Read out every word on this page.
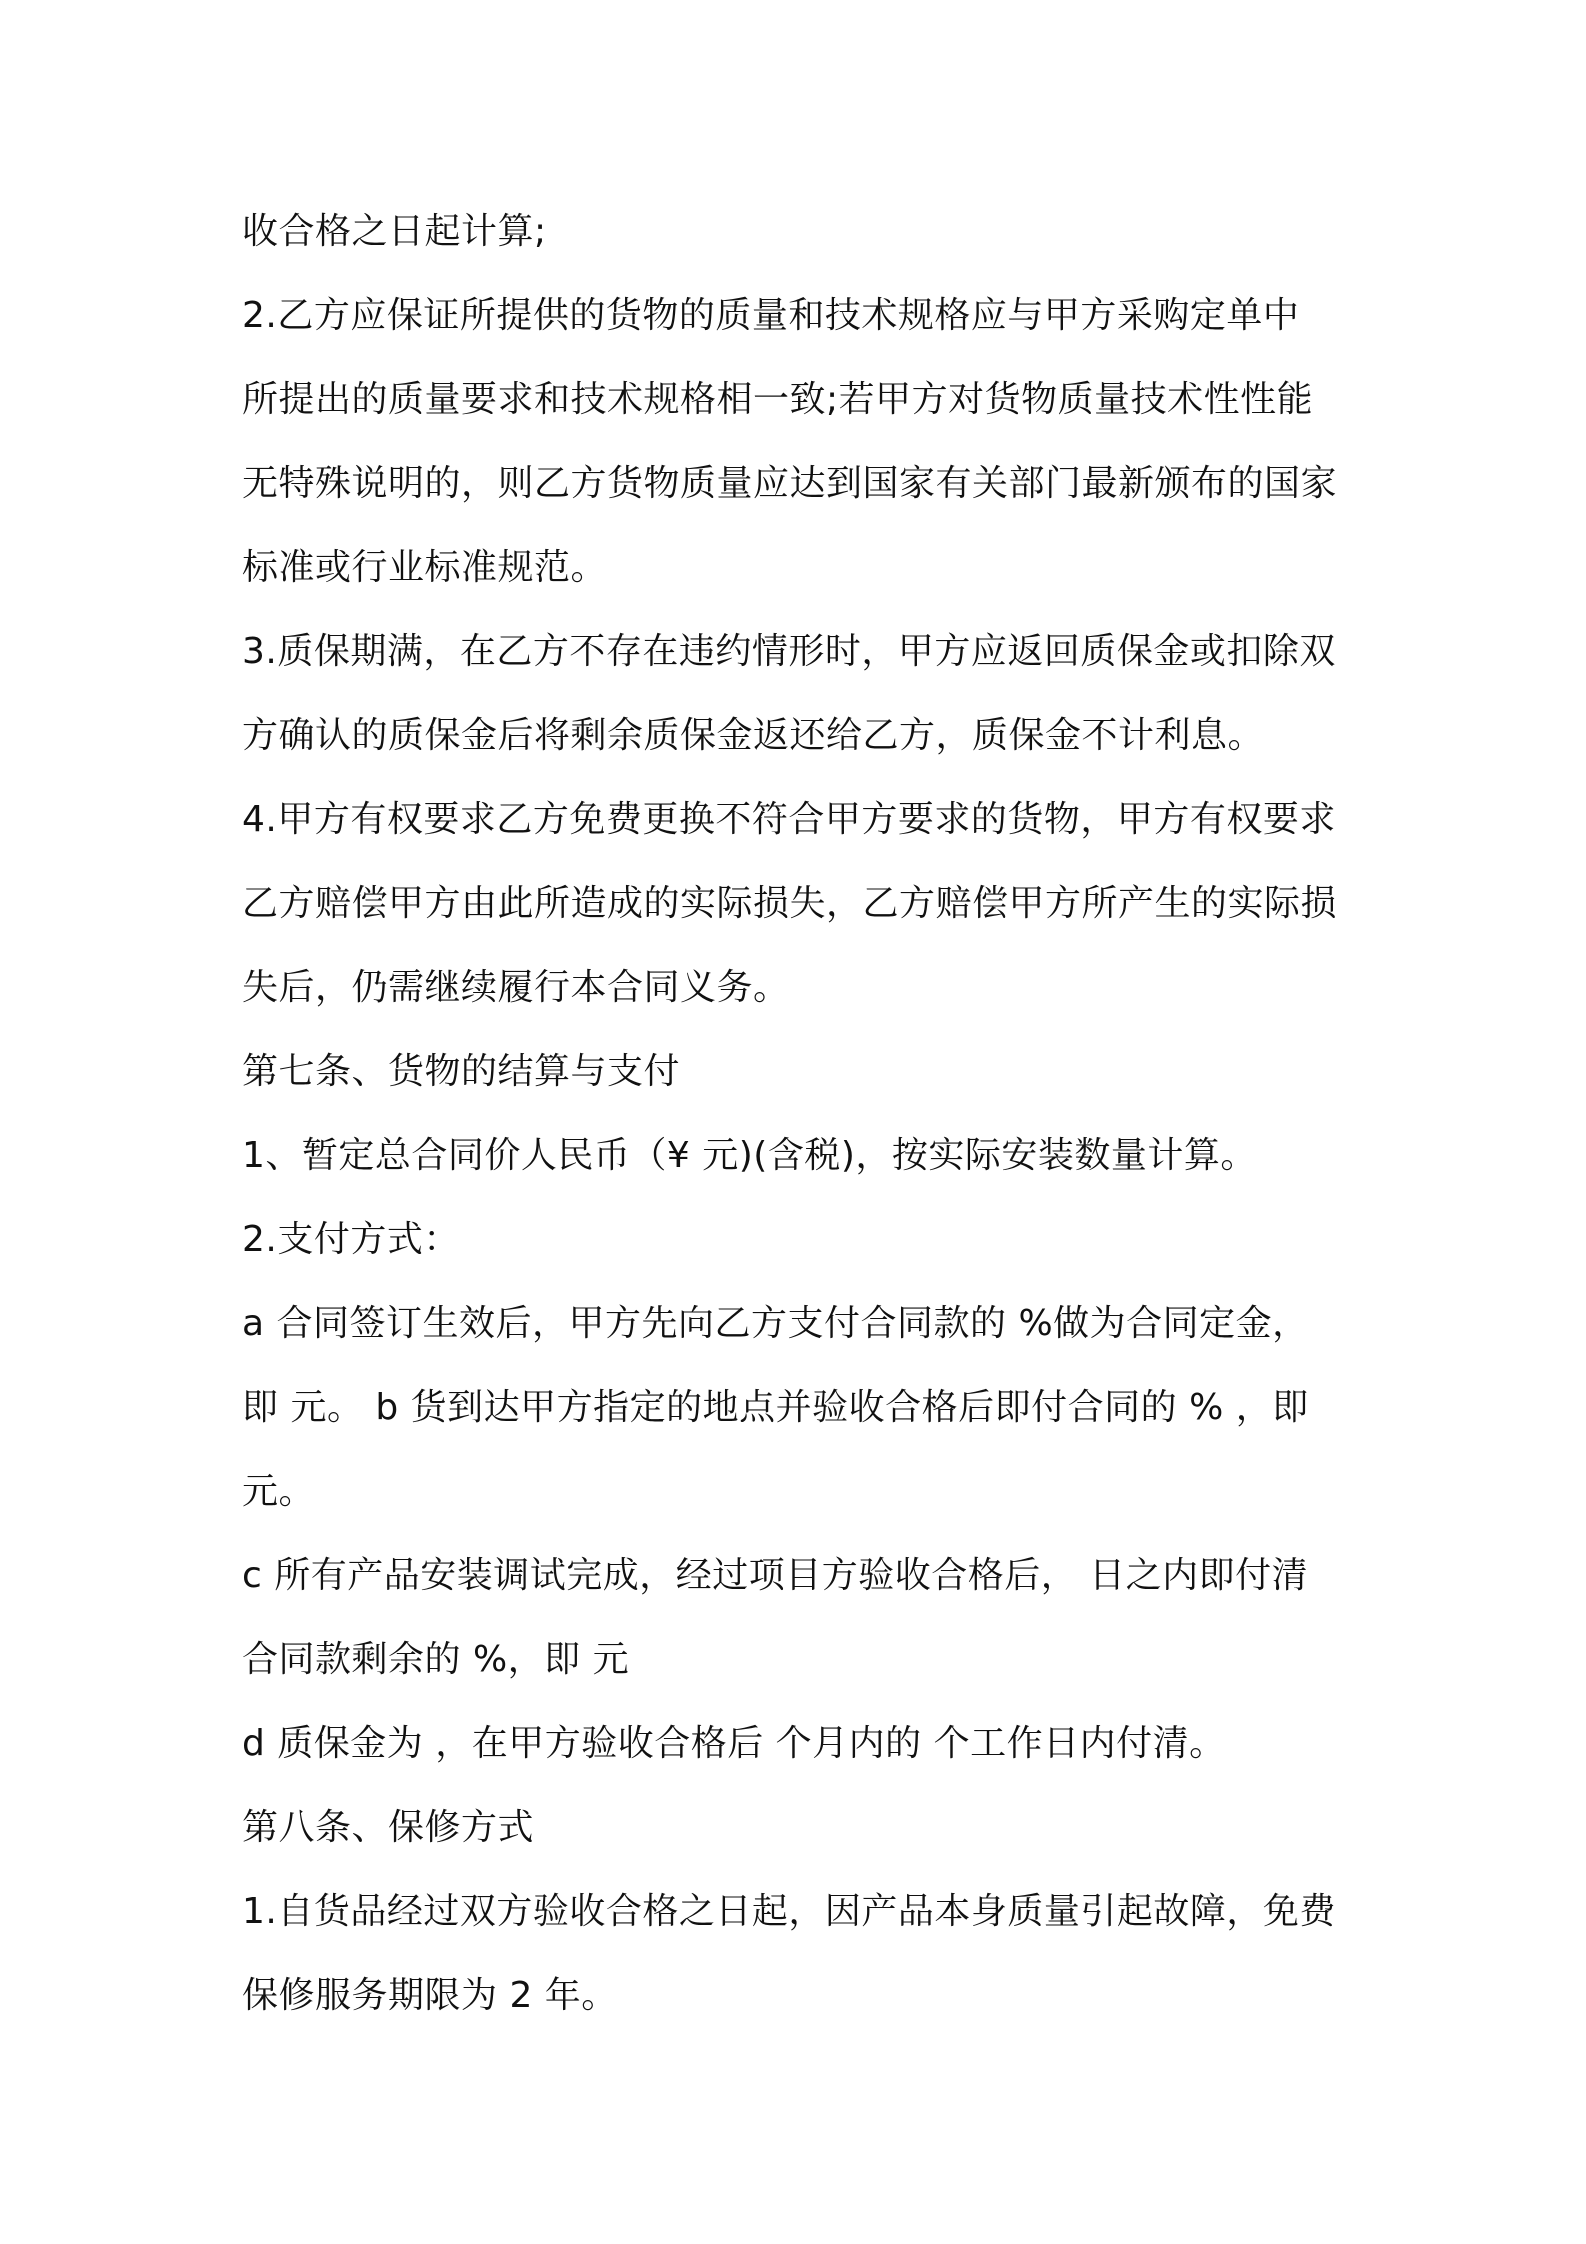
收合格之日起计算;
2.乙方应保证所提供的货物的质量和技术规格应与甲方采购定单中
所提出的质量要求和技术规格相一致;若甲方对货物质量技术性性能
无特殊说明的，则乙方货物质量应达到国家有关部门最新颁布的国家
标准或行业标准规范。
3.质保期满，在乙方不存在违约情形时，甲方应返回质保金或扣除双
方确认的质保金后将剩余质保金返还给乙方，质保金不计利息。
4.甲方有权要求乙方免费更换不符合甲方要求的货物，甲方有权要求
乙方赔偿甲方由此所造成的实际损失，乙方赔偿甲方所产生的实际损
失后，仍需继续履行本合同义务。
第七条、货物的结算与支付
1、暂定总合同价人民币（¥ 元)(含税)，按实际安装数量计算。
2.支付方式：
a 合同签订生效后，甲方先向乙方支付合同款的 %做为合同定金，
即 元。 b 货到达甲方指定的地点并验收合格后即付合同的 % ，即
元。
c 所有产品安装调试完成，经过项目方验收合格后， 日之内即付清
合同款剩余的 %，即 元
d 质保金为 ，在甲方验收合格后 个月内的 个工作日内付清。
第八条、保修方式
1.自货品经过双方验收合格之日起，因产品本身质量引起故障，免费
保修服务期限为 2 年。
